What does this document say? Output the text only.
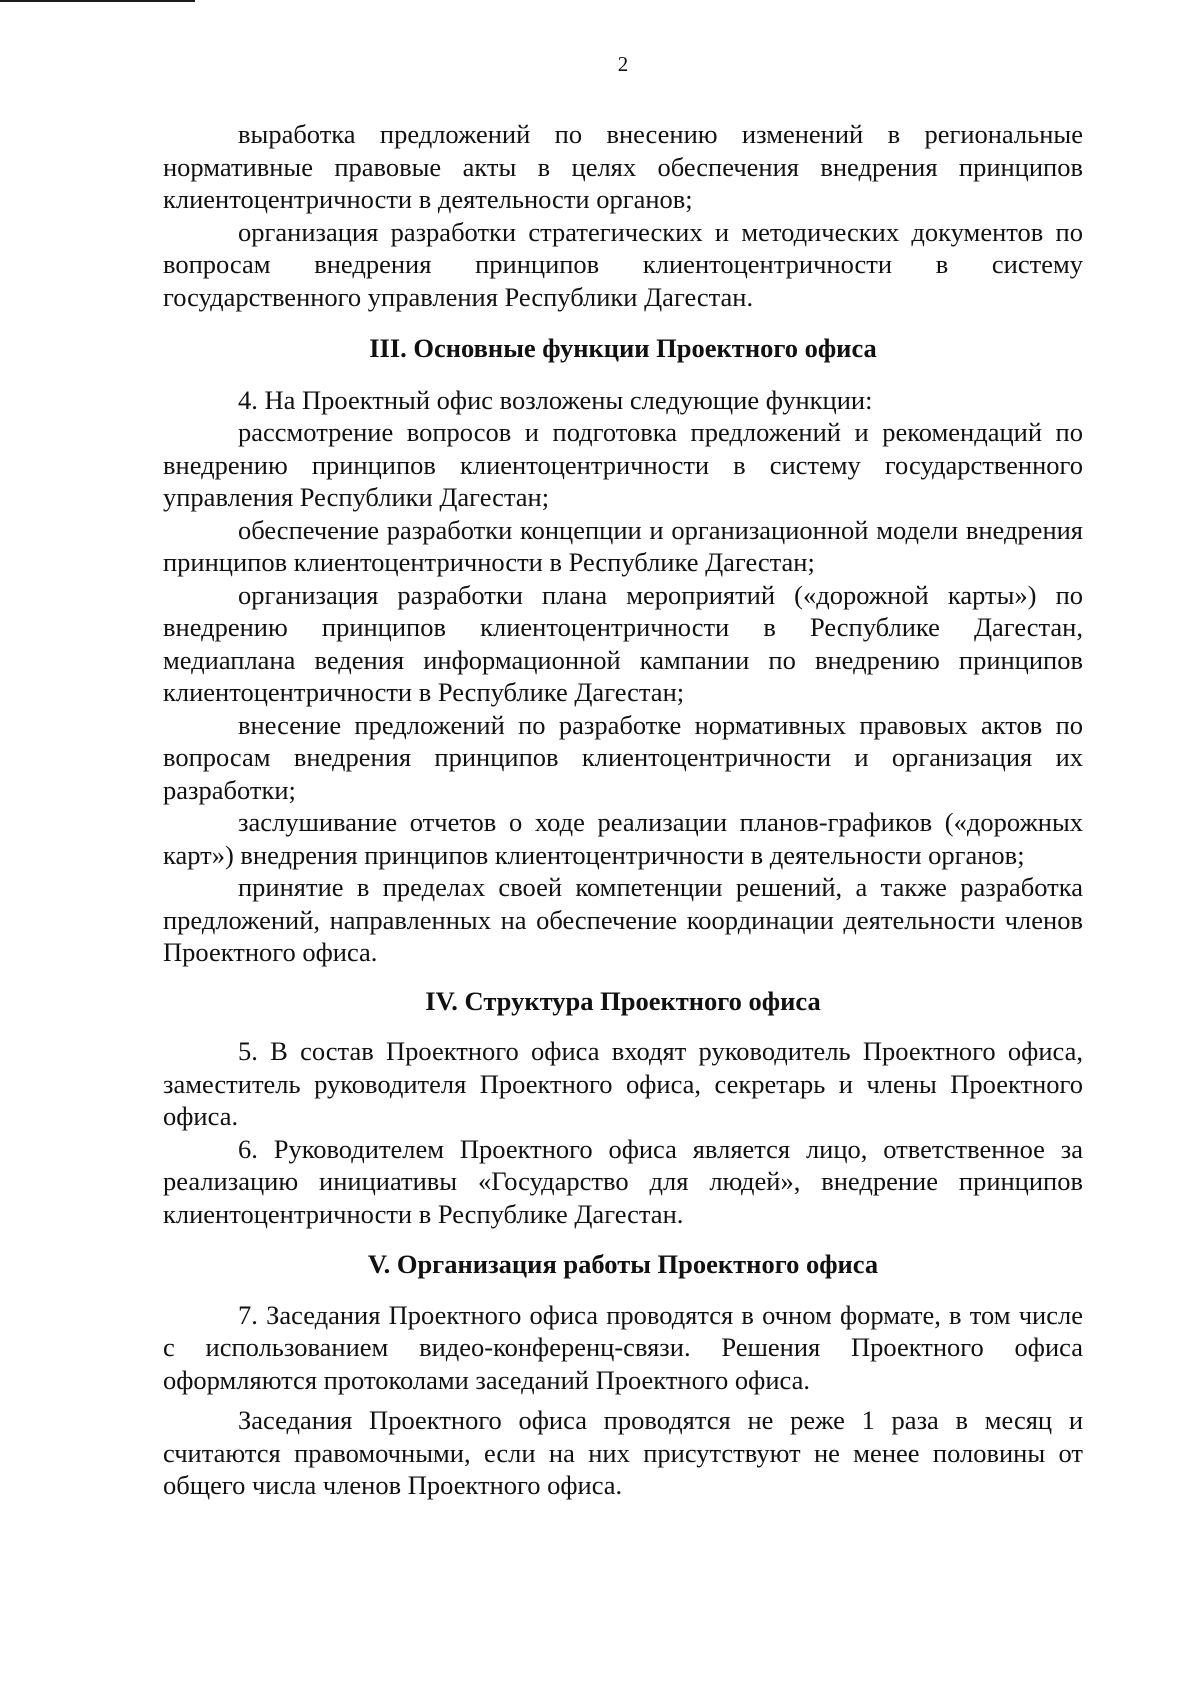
2

выработка предложений по внесению изменений в региональные нормативные правовые акты в целях обеспечения внедрения принципов клиентоцентричности в деятельности органов;

организация разработки стратегических и методических документов по вопросам внедрения принципов клиентоцентричности в систему государственного управления Республики Дагестан.

III. Основные функции Проектного офиса

4. На Проектный офис возложены следующие функции:

рассмотрение вопросов и подготовка предложений и рекомендаций по внедрению принципов клиентоцентричности в систему государственного управления Республики Дагестан;

обеспечение разработки концепции и организационной модели внедрения принципов клиентоцентричности в Республике Дагестан;

организация разработки плана мероприятий («дорожной карты») по внедрению принципов клиентоцентричности в Республике Дагестан, медиаплана ведения информационной кампании по внедрению принципов клиентоцентричности в Республике Дагестан;

внесение предложений по разработке нормативных правовых актов по вопросам внедрения принципов клиентоцентричности и организация их разработки;

заслушивание отчетов о ходе реализации планов-графиков («дорожных карт») внедрения принципов клиентоцентричности в деятельности органов;

принятие в пределах своей компетенции решений, а также разработка предложений, направленных на обеспечение координации деятельности членов Проектного офиса.

IV. Структура Проектного офиса

5. В состав Проектного офиса входят руководитель Проектного офиса, заместитель руководителя Проектного офиса, секретарь и члены Проектного офиса.

6. Руководителем Проектного офиса является лицо, ответственное за реализацию инициативы «Государство для людей», внедрение принципов клиентоцентричности в Республике Дагестан.

V. Организация работы Проектного офиса

7. Заседания Проектного офиса проводятся в очном формате, в том числе с использованием видео-конференц-связи. Решения Проектного офиса оформляются протоколами заседаний Проектного офиса.

Заседания Проектного офиса проводятся не реже 1 раза в месяц и считаются правомочными, если на них присутствуют не менее половины от общего числа членов Проектного офиса.
